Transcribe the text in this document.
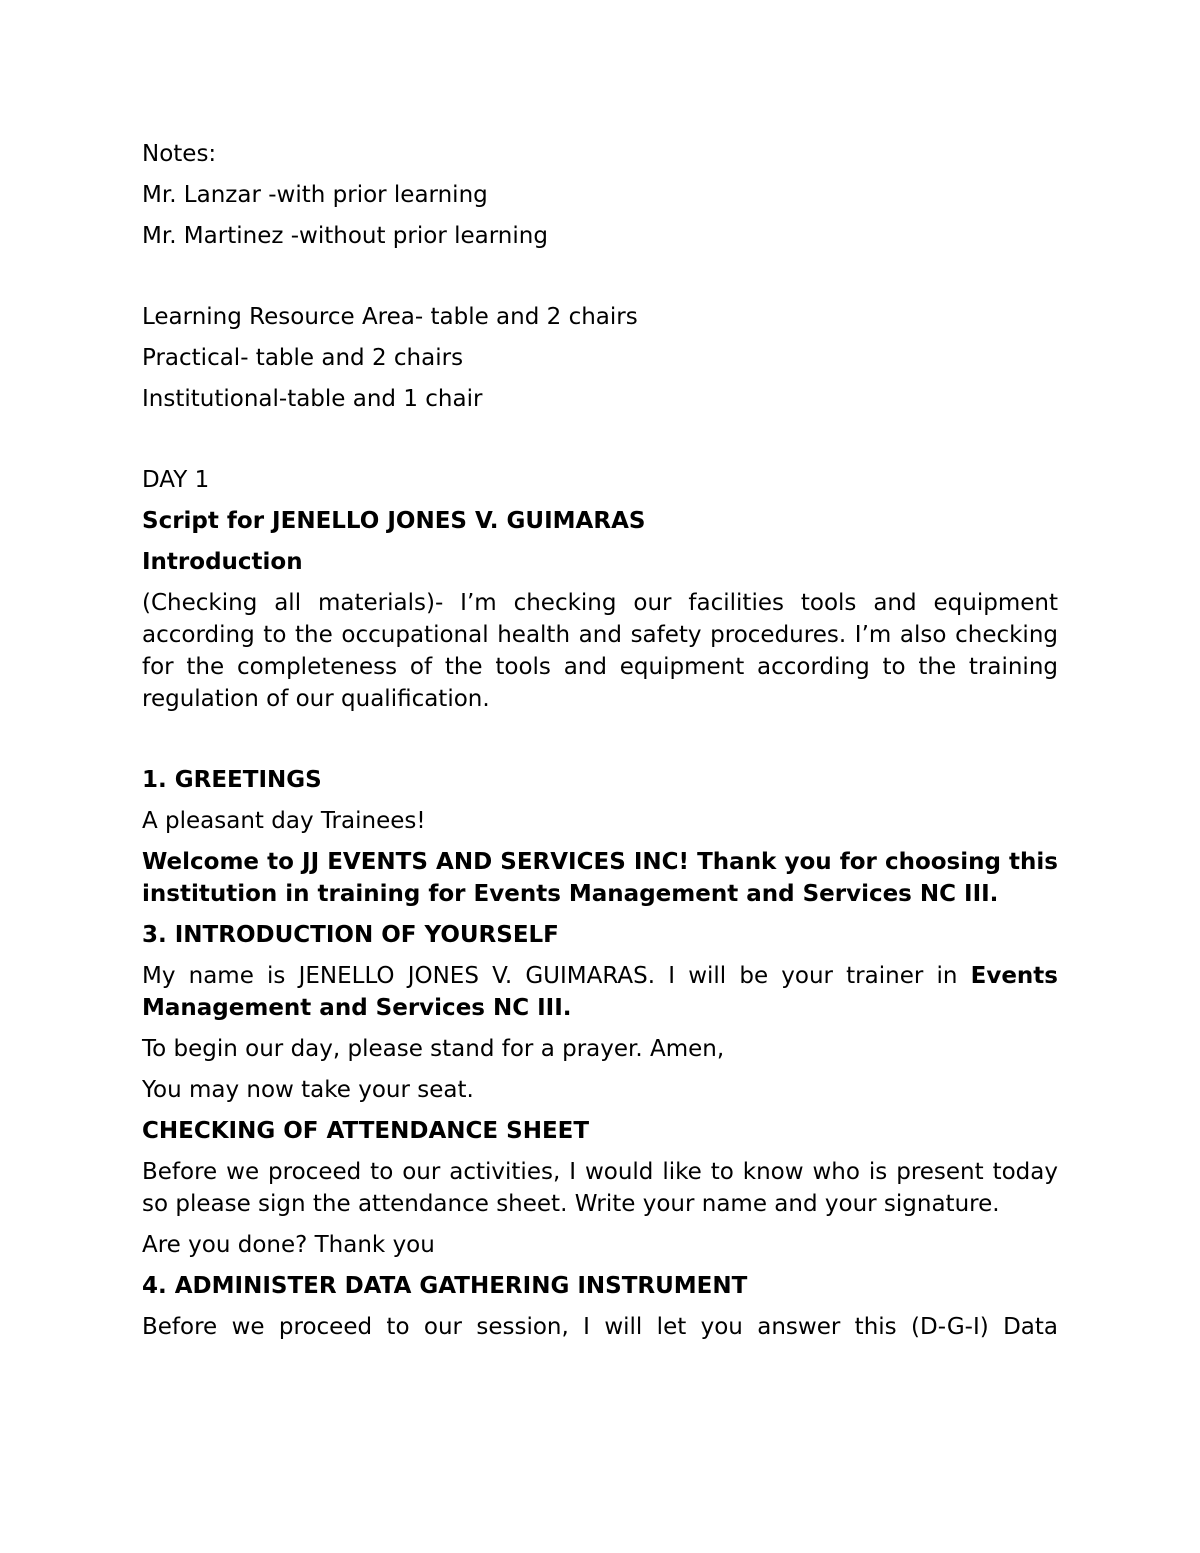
Notes:
Mr. Lanzar -with prior learning
Mr. Martinez -without prior learning
Learning Resource Area- table and 2 chairs
Practical- table and 2 chairs
Institutional-table and 1 chair
DAY 1
Script for JENELLO JONES V. GUIMARAS
Introduction
(Checking all materials)- I’m checking our facilities tools and equipment according to the occupational health and safety procedures. I’m also checking for the completeness of the tools and equipment according to the training regulation of our qualification.
1. GREETINGS
A pleasant day Trainees!
Welcome to JJ EVENTS AND SERVICES INC! Thank you for choosing this institution in training for Events Management and Services NC III.
3. INTRODUCTION OF YOURSELF
My name is JENELLO JONES V. GUIMARAS. I will be your trainer in Events Management and Services NC III.
To begin our day, please stand for a prayer. Amen,
You may now take your seat.
CHECKING OF ATTENDANCE SHEET
Before we proceed to our activities, I would like to know who is present today so please sign the attendance sheet. Write your name and your signature.
Are you done? Thank you
4. ADMINISTER DATA GATHERING INSTRUMENT
Before we proceed to our session, I will let you answer this (D-G-I) Data
